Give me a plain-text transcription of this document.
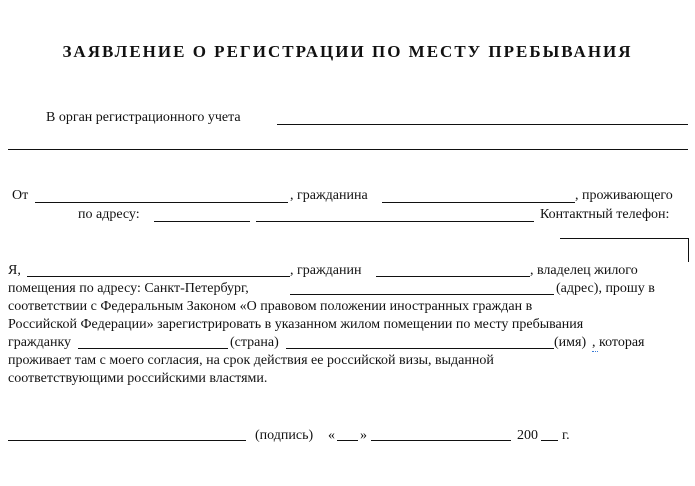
ЗАЯВЛЕНИЕ О РЕГИСТРАЦИИ ПО МЕСТУ ПРЕБЫВАНИЯ
В орган регистрационного учета
От	, гражданина	, проживающего
по адресу:	Контактный телефон:
Я,	, гражданин	, владелец жилого
помещения по адресу: Санкт-Петербург,	(адрес), прошу в
соответствии с Федеральным Законом «О правовом положении иностранных граждан в
Российской Федерации» зарегистрировать в указанном жилом помещении по месту пребывания
гражданку	(страна)	(имя) , которая
проживает там с моего согласия, на срок действия ее российской визы, выданной
соответствующими российскими властями.
(подпись) « »	200 г.
